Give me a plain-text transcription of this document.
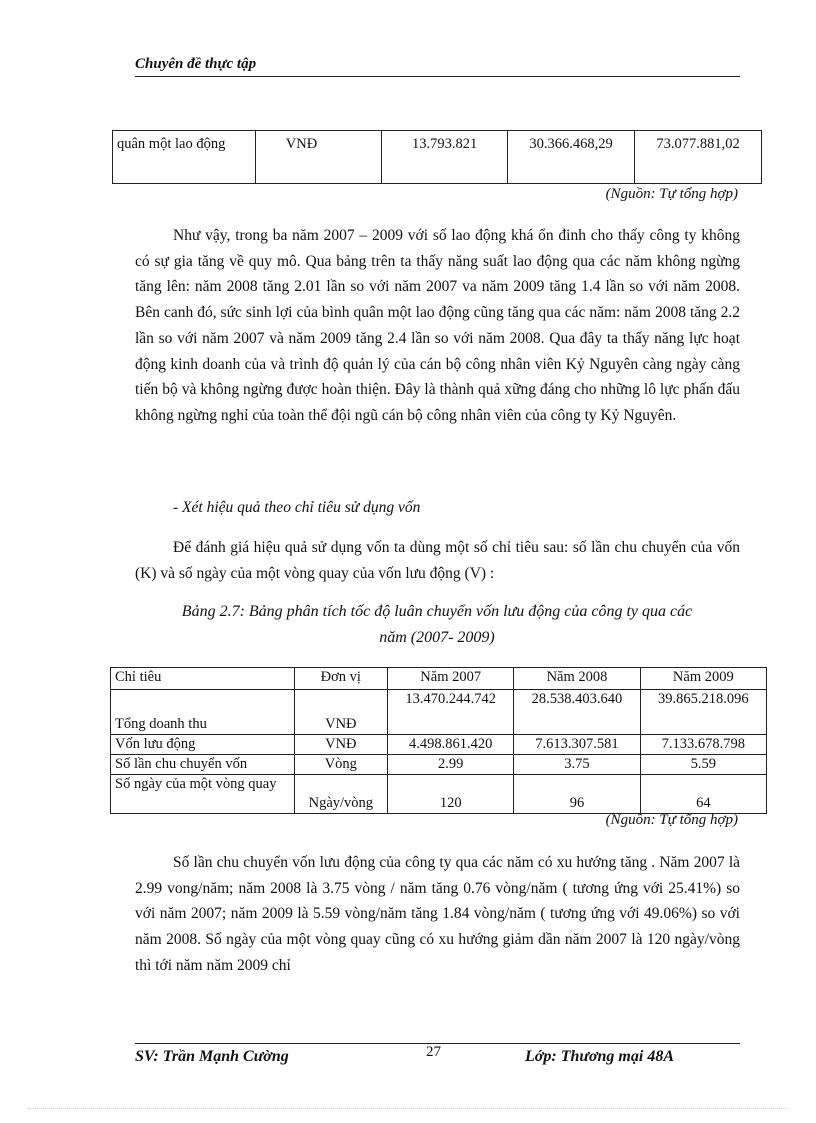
Chuyên đề thực tập
quân một lao động	VNĐ	13.793.821	30.366.468,29	73.077.881,02
(Nguồn: Tự tổng hợp)

Như vậy, trong ba năm 2007 – 2009 với số lao động khá ổn đinh cho thấy công ty không có sự gia tăng về quy mô. Qua bảng trên ta thấy năng suất lao động qua các năm không ngừng tăng lên: năm 2008 tăng 2.01 lần so với năm 2007 va năm 2009 tăng 1.4 lần so với năm 2008. Bên canh đó, sức sinh lợi của bình quân một lao động cũng tăng qua các năm: năm 2008 tăng 2.2 lần so với năm 2007 và năm 2009 tăng 2.4 lần so với năm 2008. Qua đây ta thấy năng lực hoạt động kinh doanh của và trình độ quản lý của cán bộ công nhân viên Kỷ Nguyên càng ngày càng tiến bộ và không ngừng được hoàn thiện. Đây là thành quả xững đáng cho những lô lực phấn đấu không ngừng nghỉ của toàn thể đội ngũ cán bộ công nhân viên của công ty Kỷ Nguyên.

- Xét hiệu quả theo chỉ tiêu sử dụng vốn

Để đánh giá hiệu quả sử dụng vốn ta dùng một số chỉ tiêu sau: số lần chu chuyển của vốn (K) và số ngày của một vòng quay của vốn lưu động (V) :

Bảng 2.7: Bảng phân tích tốc độ luân chuyển vốn lưu động của công ty qua các
năm (2007- 2009)
Chỉ tiêu	Đơn vị	Năm 2007	Năm 2008	Năm 2009
Tổng doanh thu	VNĐ	13.470.244.742	28.538.403.640	39.865.218.096
Vốn lưu động	VNĐ	4.498.861.420	7.613.307.581	7.133.678.798
Số lần chu chuyển vốn	Vòng	2.99	3.75	5.59
Số ngày của một vòng quay	Ngày/vòng	120	96	64
(Nguồn: Tự tổng hợp)

Số lần chu chuyển vốn lưu động của công ty qua các năm có xu hướng tăng . Năm 2007 là 2.99 vong/năm; năm 2008 là 3.75 vòng / năm tăng 0.76 vòng/năm ( tương ứng với 25.41%) so với năm 2007; năm 2009 là 5.59 vòng/năm tăng 1.84 vòng/năm ( tương ứng với 49.06%) so với năm 2008. Số ngày của một vòng quay cũng có xu hướng giảm dần năm 2007 là 120 ngày/vòng thì tới năm năm 2009 chỉ

SV: Trần Mạnh Cường	27	Lớp: Thương mại 48A
